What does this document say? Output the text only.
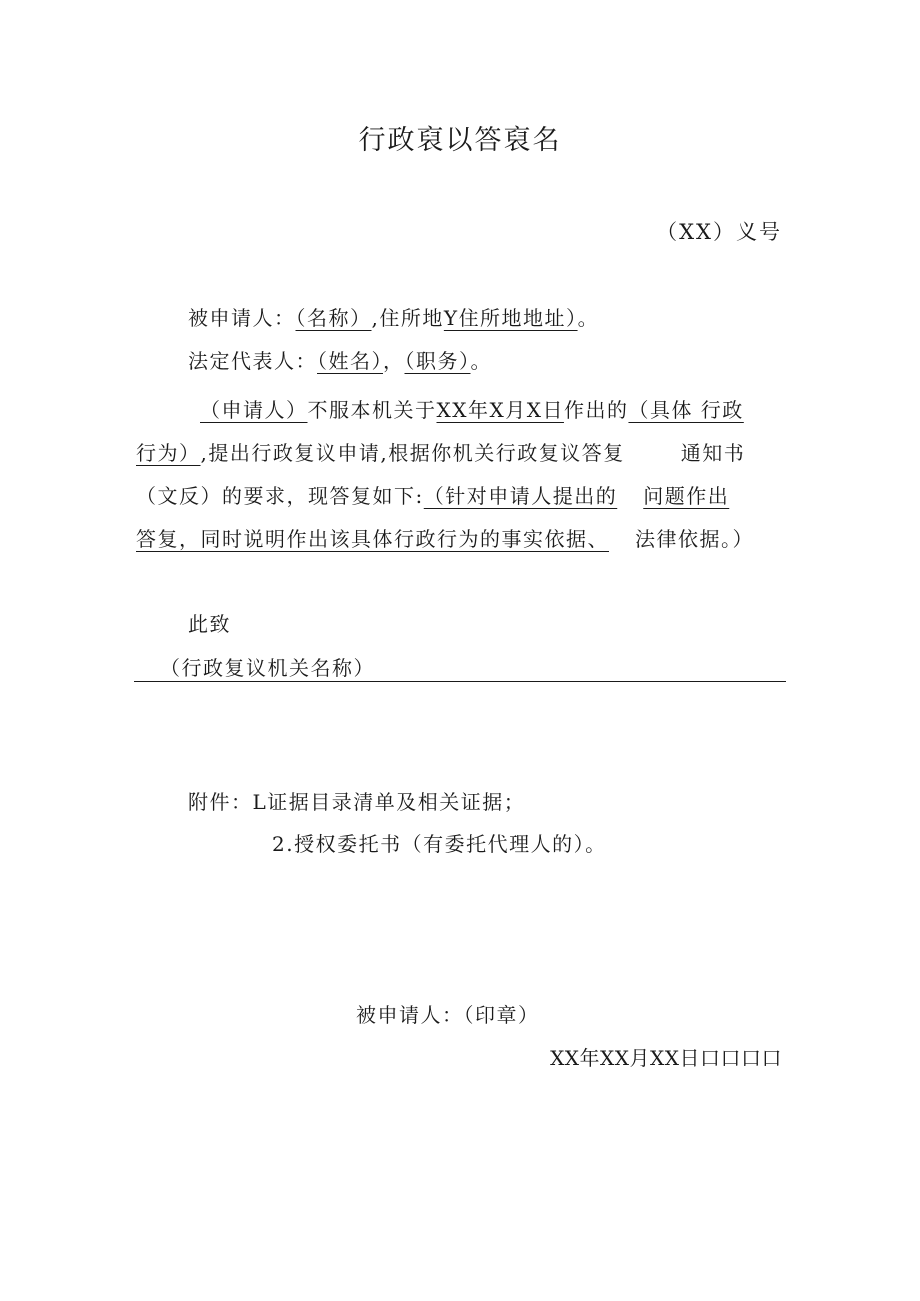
行政裒以答裒名
（XX）义号
被申请人：（名称）,住所地Y住所地地址）。
法定代表人：（姓名），（职务）。
（申请人）不服本机关于XX年X月X日作出的（具体 行政
行为）,提出行政复议申请,根据你机关行政复议答复	通知书
（文反）的要求，现答复如下:（针对申请人提出的 问题作出
答复，同时说明作出该具体行政行为的事实依据、 法律依据。）
此致
（行政复议机关名称）
附件：L证据目录清单及相关证据；
2.授权委托书（有委托代理人的）。
被申请人：（印章）
XX年XX月XX日口口口口
